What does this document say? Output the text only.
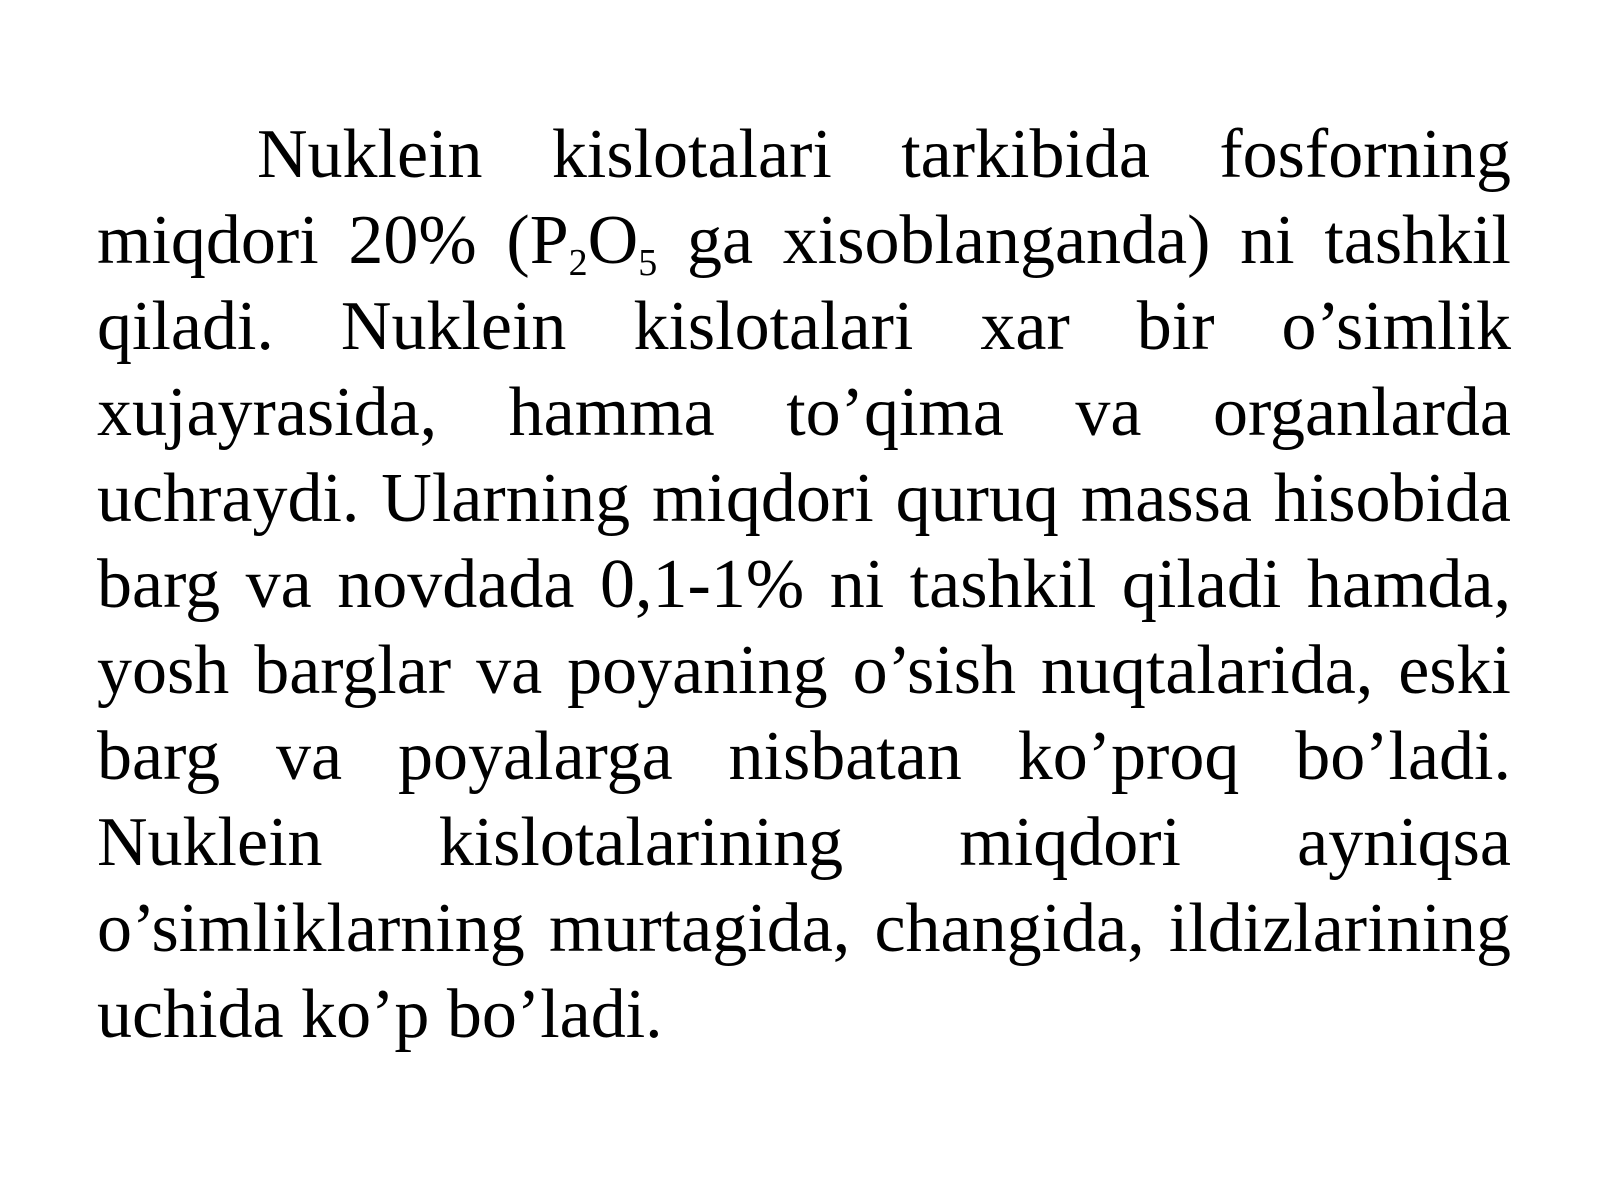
Nuklein kislotalari tarkibida fosforning miqdori 20% ($P_2O_5$ ga xisoblanganda) ni tashkil qiladi. Nuklein kislotalari xar bir o’simlik xujayrasida, hamma to’qima va organlarda uchraydi. Ularning miqdori quruq massa hisobida barg va novdada 0,1-1% ni tashkil qiladi hamda, yosh barglar va poyaning o’sish nuqtalarida, eski barg va poyalarga nisbatan ko’proq bo’ladi. Nuklein kislotalarining miqdori ayniqsa o’simliklarning murtagida, changida, ildizlarining uchida ko’p bo’ladi.
